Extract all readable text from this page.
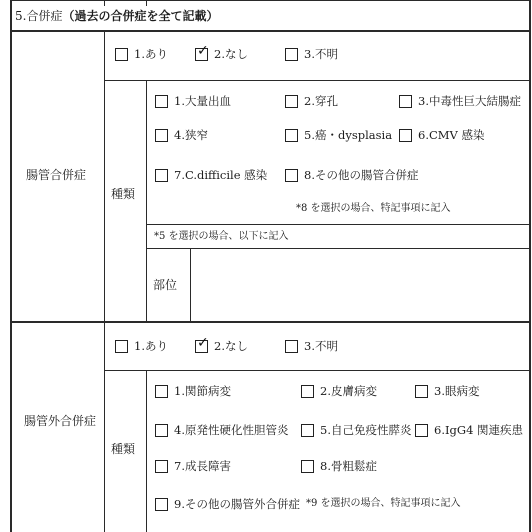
5.合併症（過去の合併症を全て記載）
腸管合併症
1.あり ✓ 2.なし	3.不明
種類
1.大量出血	2.穿孔	3.中毒性巨大結腸症
4.狭窄	5.癌・dysplasia 6.CMV 感染
7.C.difficile 感染	8.その他の腸管合併症
*8 を選択の場合、特記事項に記入
*5 を選択の場合、以下に記入
部位
腸管外合併症
1.あり ✓ 2.なし	3.不明
種類
1.関節病変	2.皮膚病変	3.眼病変
4.原発性硬化性胆管炎	5.自己免疫性膵炎 6.IgG4 関連疾患
7.成長障害	8.骨粗鬆症
9.その他の腸管外合併症 *9 を選択の場合、特記事項に記入
